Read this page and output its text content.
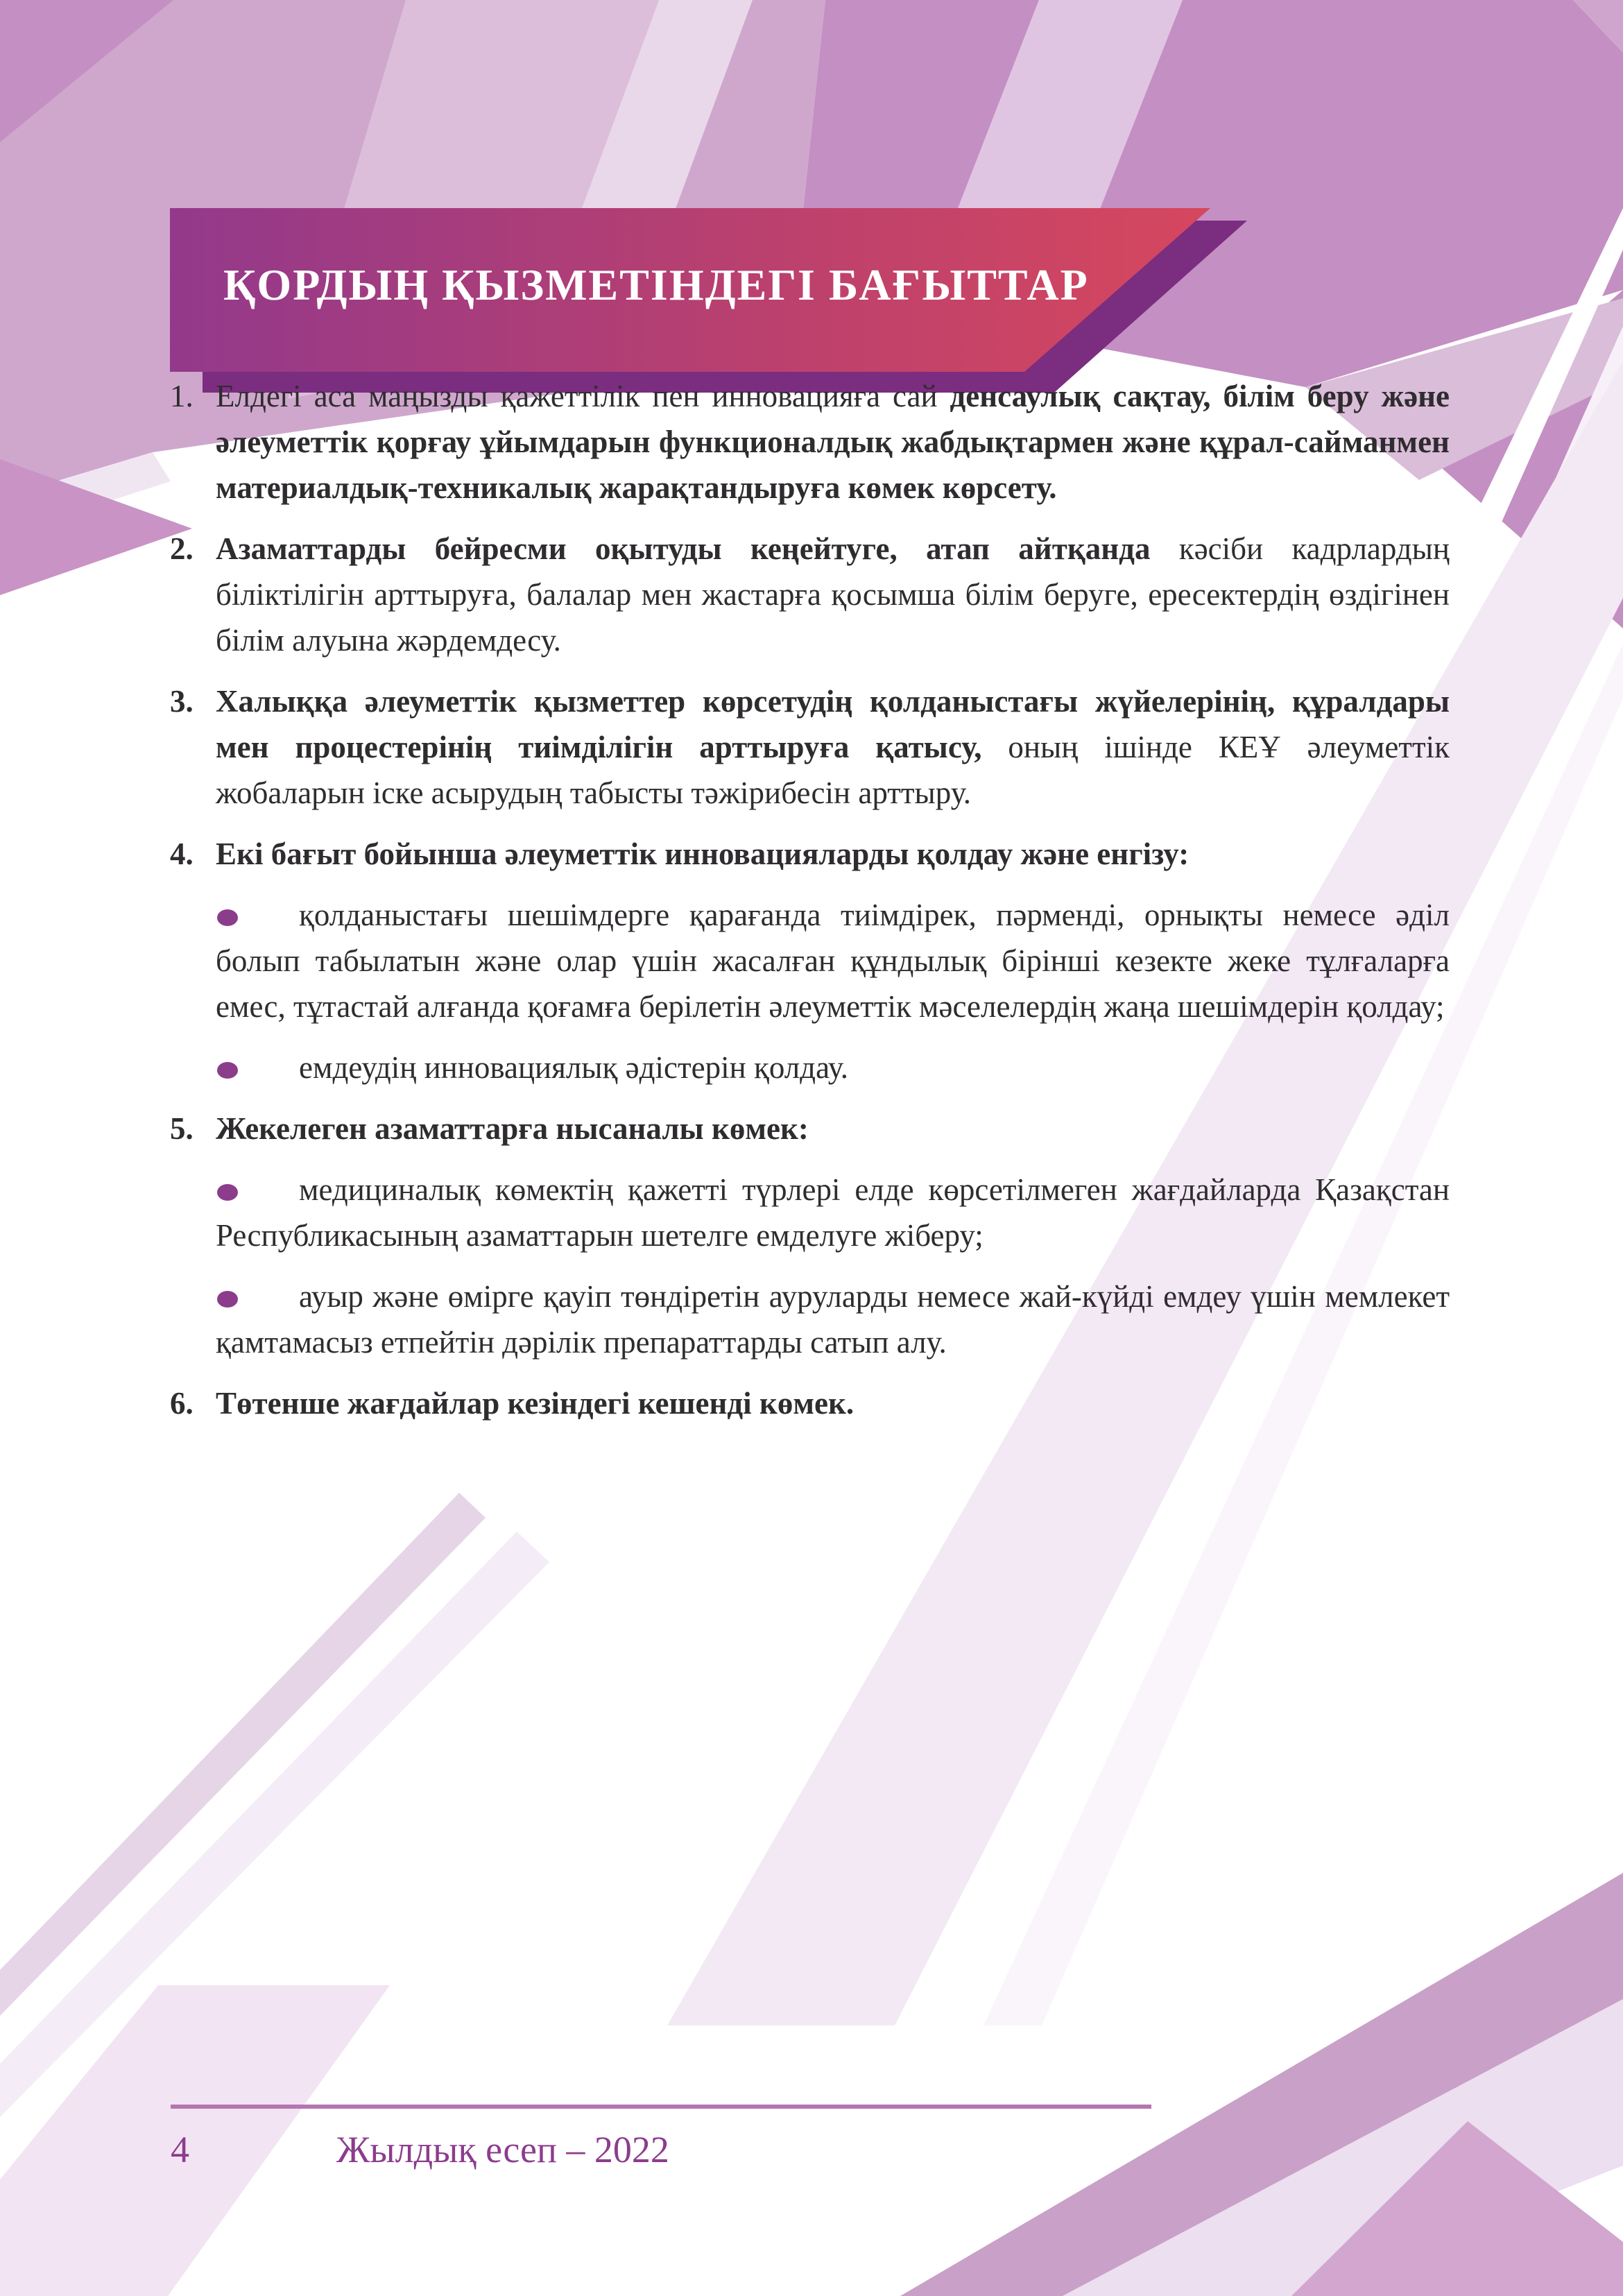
ҚОРДЫҢ ҚЫЗМЕТІНДЕГІ БАҒЫТТАР
1. Елдегі аса маңызды қажеттілік пен инновацияға сай денсаулық сақтау, білім беру және әлеуметтік қорғау ұйымдарын функционалдық жабдықтармен және құрал-сайманмен материалдық-техникалық жарақтандыруға көмек көрсету.
2. Азаматтарды бейресми оқытуды кеңейтуге, атап айтқанда кәсіби кадрлардың біліктілігін арттыруға, балалар мен жастарға қосымша білім беруге, ересектердің өздігінен білім алуына жәрдемдесу.
3. Халыққа әлеуметтік қызметтер көрсетудің қолданыстағы жүйелерінің, құралдары мен процестерінің тиімділігін арттыруға қатысу, оның ішінде КЕҰ әлеуметтік жобаларын іске асырудың табысты тәжірибесін арттыру.
4. Екі бағыт бойынша әлеуметтік инновацияларды қолдау және енгізу:

қолданыстағы шешімдерге қарағанда тиімдірек, пәрменді, орнықты немесе әділ болып табылатын және олар үшін жасалған құндылық бірінші кезекте жеке тұлғаларға емес, тұтастай алғанда қоғамға берілетін әлеуметтік мәселелердің жаңа шешімдерін қолдау;

емдеудің инновациялық әдістерін қолдау.

5. Жекелеген азаматтарға нысаналы көмек:

медициналық көмектің қажетті түрлері елде көрсетілмеген жағдайларда Қазақстан Республикасының азаматтарын шетелге емделуге жіберу;

ауыр және өмірге қауіп төндіретін ауруларды немесе жай-күйді емдеу үшін мемлекет қамтамасыз етпейтін дәрілік препараттарды сатып алу.

6. Төтенше жағдайлар кезіндегі кешенді көмек.
4	Жылдық есеп – 2022
